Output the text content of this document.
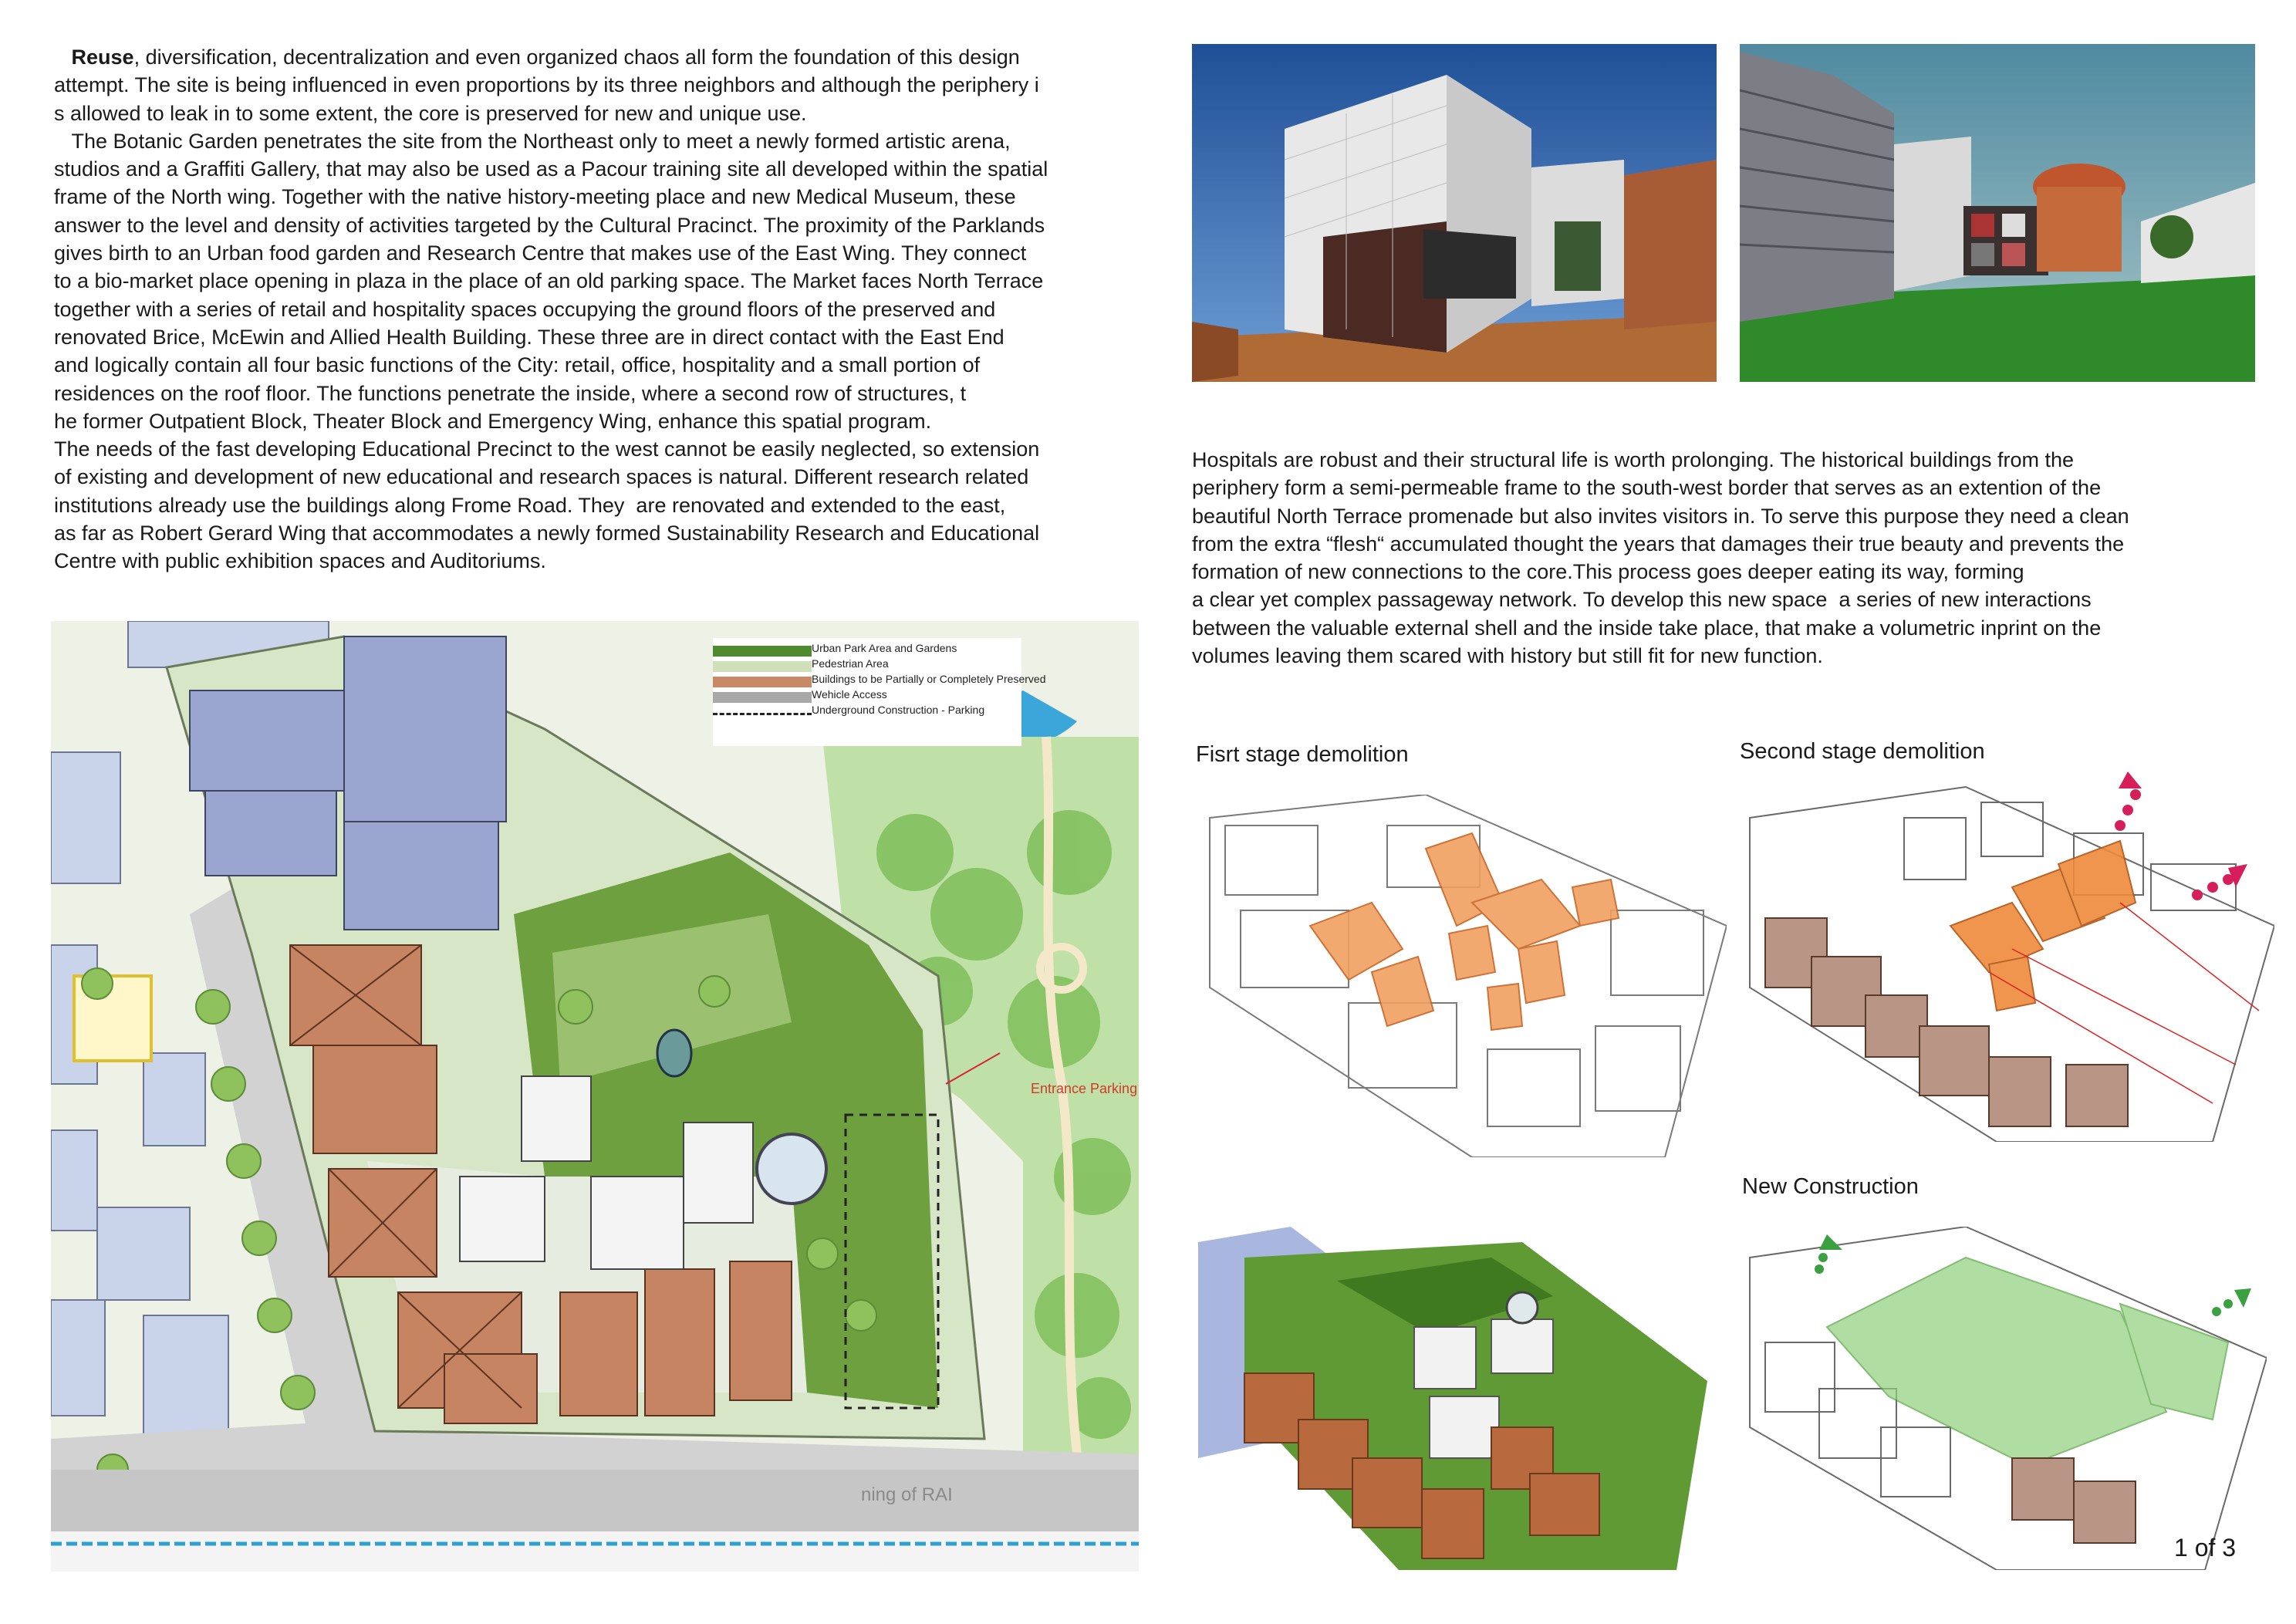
Reuse, diversification, decentralization and even organized chaos all form the foundation of this design
attempt. The site is being influenced in even proportions by its three neighbors and although the periphery i
s allowed to leak in to some extent, the core is preserved for new and unique use.

The Botanic Garden penetrates the site from the Northeast only to meet a newly formed artistic arena,
studios and a Graffiti Gallery, that may also be used as a Pacour training site all developed within the spatial
frame of the North wing. Together with the native history-meeting place and new Medical Museum, these
answer to the level and density of activities targeted by the Cultural Pracinct. The proximity of the Parklands
gives birth to an Urban food garden and Research Centre that makes use of the East Wing. They connect
to a bio-market place opening in plaza in the place of an old parking space. The Market faces North Terrace
together with a series of retail and hospitality spaces occupying the ground floors of the preserved and
renovated Brice, McEwin and Allied Health Building. These three are in direct contact with the East End
and logically contain all four basic functions of the City: retail, office, hospitality and a small portion of
residences on the roof floor. The functions penetrate the inside, where a second row of structures, t
he former Outpatient Block, Theater Block and Emergency Wing, enhance this spatial program.

The needs of the fast developing Educational Precinct to the west cannot be easily neglected, so extension
of existing and development of new educational and research spaces is natural. Different research related
institutions already use the buildings along Frome Road. They  are renovated and extended to the east,
as far as Robert Gerard Wing that accommodates a newly formed Sustainability Research and Educational
Centre with public exhibition spaces and Auditoriums.

Hospitals are robust and their structural life is worth prolonging. The historical buildings from the
periphery form a semi-permeable frame to the south-west border that serves as an extention of the
beautiful North Terrace promenade but also invites visitors in. To serve this purpose they need a clean
from the extra “flesh“ accumulated thought the years that damages their true beauty and prevents the
formation of new connections to the core.This process goes deeper eating its way, forming
a clear yet complex passageway network. To develop this new space  a series of new interactions
between the valuable external shell and the inside take place, that make a volumetric inprint on the
volumes leaving them scared with history but still fit for new function.

Entrance Parking
ning of RAI
Urban Park Area and Gardens
Pedestrian Area
Buildings to be Partially or Completely Preserved
Wehicle Access
Underground Construction - Parking
Fisrt stage demolition	Second stage demolition
New Construction
1 of 3
